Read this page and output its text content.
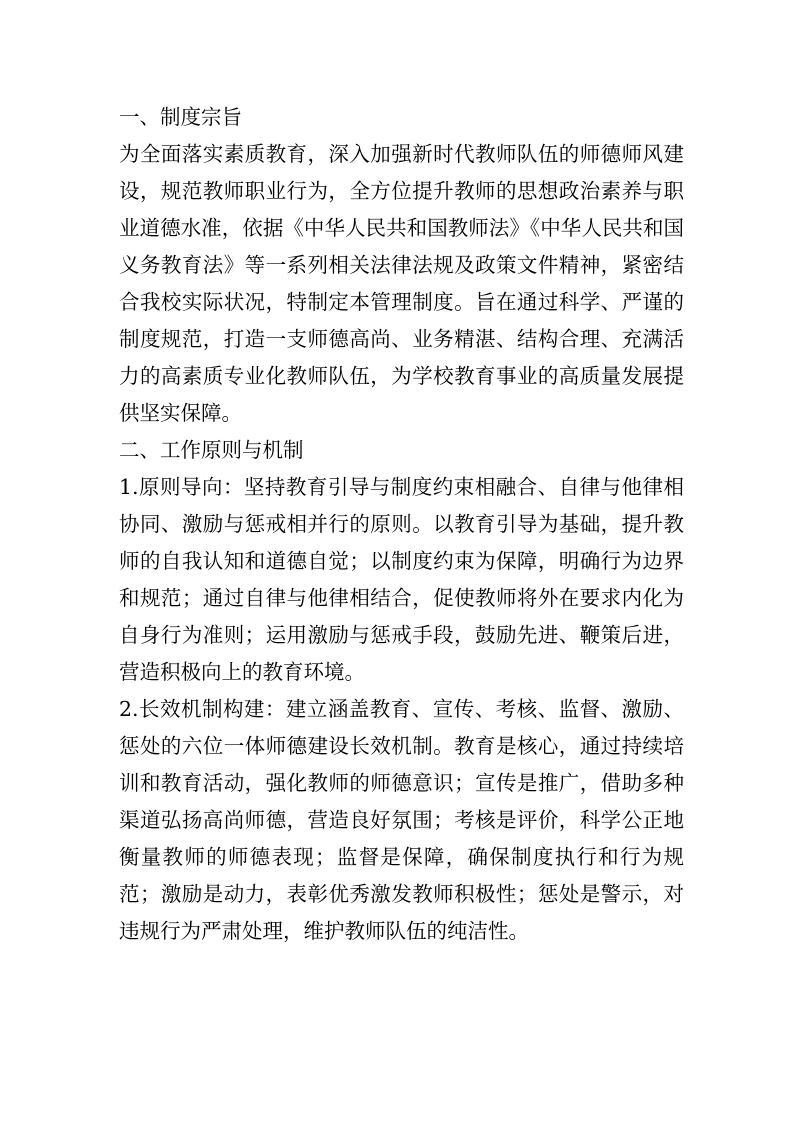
一、制度宗旨

为全面落实素质教育，深入加强新时代教师队伍的师德师风建设，规范教师职业行为，全方位提升教师的思想政治素养与职业道德水准，依据《中华人民共和国教师法》《中华人民共和国义务教育法》等一系列相关法律法规及政策文件精神，紧密结合我校实际状况，特制定本管理制度。旨在通过科学、严谨的制度规范，打造一支师德高尚、业务精湛、结构合理、充满活力的高素质专业化教师队伍，为学校教育事业的高质量发展提供坚实保障。

二、工作原则与机制

1.原则导向：坚持教育引导与制度约束相融合、自律与他律相协同、激励与惩戒相并行的原则。以教育引导为基础，提升教师的自我认知和道德自觉；以制度约束为保障，明确行为边界和规范；通过自律与他律相结合，促使教师将外在要求内化为自身行为准则；运用激励与惩戒手段，鼓励先进、鞭策后进，营造积极向上的教育环境。

2.长效机制构建：建立涵盖教育、宣传、考核、监督、激励、惩处的六位一体师德建设长效机制。教育是核心，通过持续培训和教育活动，强化教师的师德意识；宣传是推广，借助多种渠道弘扬高尚师德，营造良好氛围；考核是评价，科学公正地衡量教师的师德表现；监督是保障，确保制度执行和行为规范；激励是动力，表彰优秀激发教师积极性；惩处是警示，对违规行为严肃处理，维护教师队伍的纯洁性。
